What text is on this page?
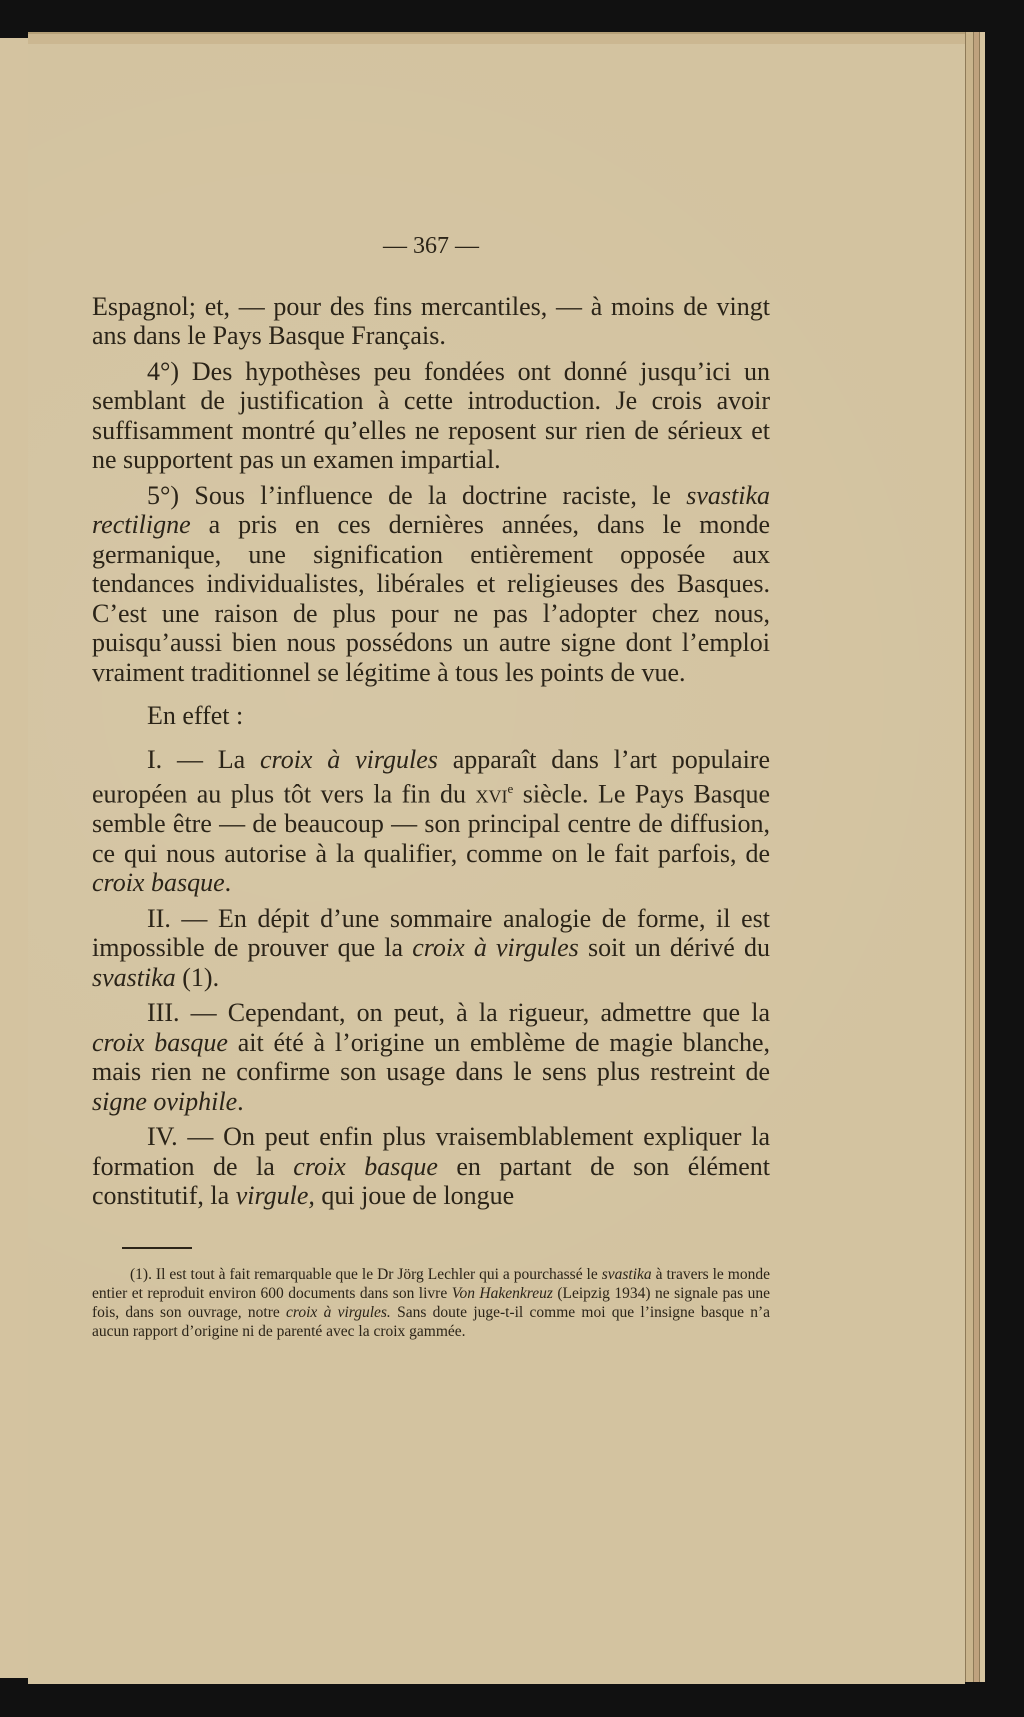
— 367 —

Espagnol; et, — pour des fins mercantiles, — à moins de vingt ans dans le Pays Basque Français.

4°) Des hypothèses peu fondées ont donné jusqu’ici un semblant de justification à cette introduction. Je crois avoir suffisamment montré qu’elles ne reposent sur rien de sérieux et ne supportent pas un examen impartial.

5°) Sous l’influence de la doctrine raciste, le svastika rectiligne a pris en ces dernières années, dans le monde germanique, une signification entièrement opposée aux tendances individualistes, libérales et religieuses des Basques. C’est une raison de plus pour ne pas l’adopter chez nous, puisqu’aussi bien nous possédons un autre signe dont l’emploi vraiment traditionnel se légitime à tous les points de vue.

En effet :

I. — La croix à virgules apparaît dans l’art populaire européen au plus tôt vers la fin du xvi$^e$ siècle. Le Pays Basque semble être — de beaucoup — son principal centre de diffusion, ce qui nous autorise à la qualifier, comme on le fait parfois, de croix basque.

II. — En dépit d’une sommaire analogie de forme, il est impossible de prouver que la croix à virgules soit un dérivé du svastika (1).

III. — Cependant, on peut, à la rigueur, admettre que la croix basque ait été à l’origine un emblème de magie blanche, mais rien ne confirme son usage dans le sens plus restreint de signe oviphile.

IV. — On peut enfin plus vraisemblablement expliquer la formation de la croix basque en partant de son élément constitutif, la virgule, qui joue de longue

(1). Il est tout à fait remarquable que le Dr Jörg Lechler qui a pourchassé le svastika à travers le monde entier et reproduit environ 600 documents dans son livre Von Hakenkreuz (Leipzig 1934) ne signale pas une fois, dans son ouvrage, notre croix à virgules. Sans doute juge-t-il comme moi que l’insigne basque n’a aucun rapport d’origine ni de parenté avec la croix gammée.
